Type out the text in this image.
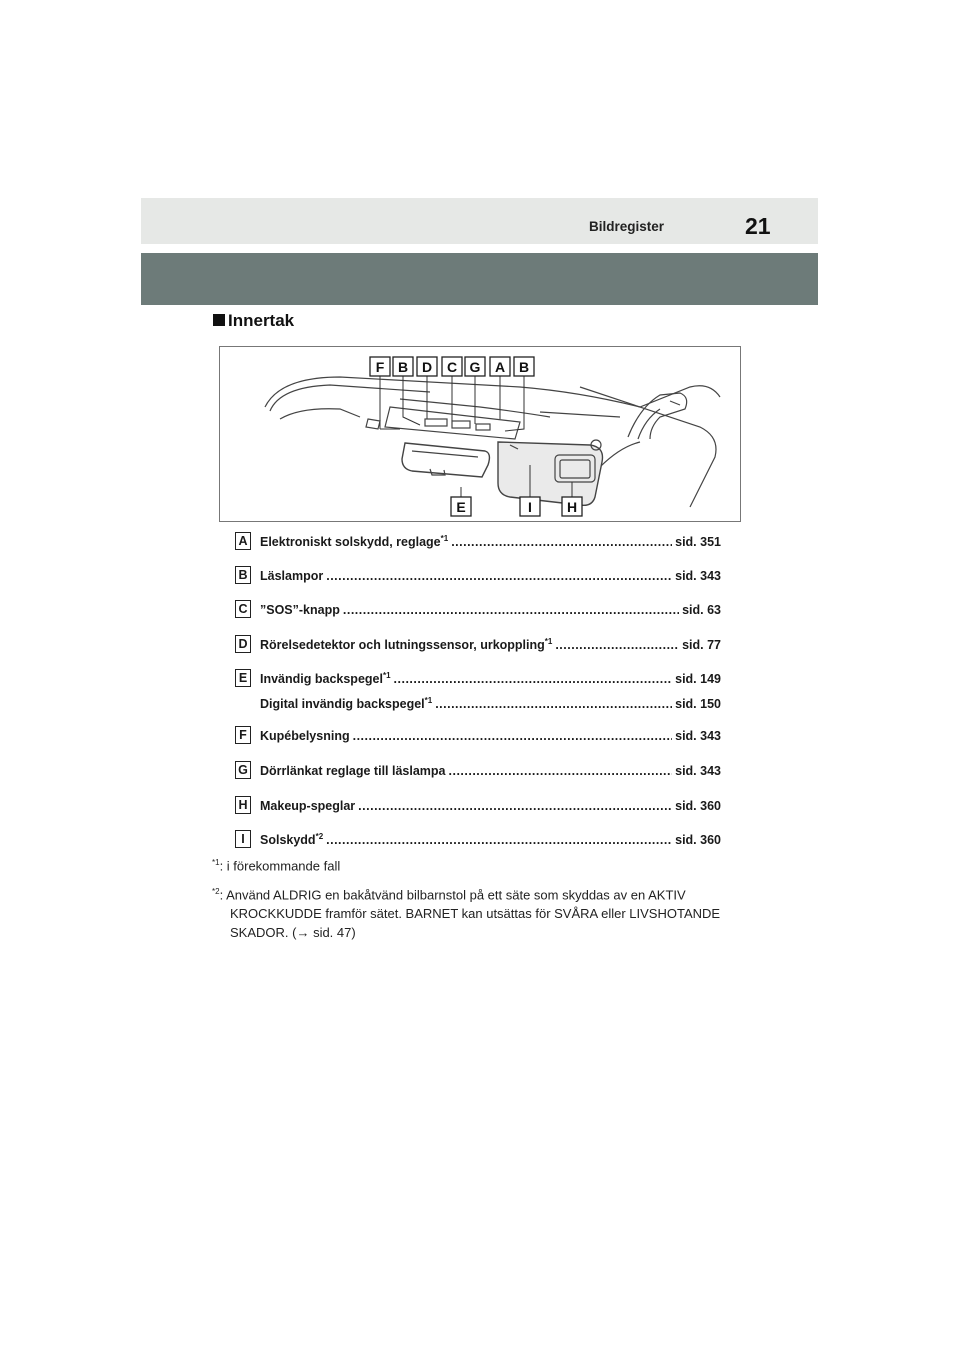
Bildregister	21
Innertak
F B D C G A B
E	I H
A Elektroniskt solskydd, reglage$^{*1}$ .....	sid. 351
B Läslampor .....	sid. 343
C ”SOS”-knapp .....	sid. 63
D Rörelsedetektor och lutningssensor, urkoppling$^{*1}$ .....	sid. 77
E	Invändig backspegel$^{*1}$ .....	sid. 149
Digital invändig backspegel$^{*1}$ .....	sid. 150
F	Kupébelysning .....	sid. 343
G Dörrlänkat reglage till läslampa .....	sid. 343
H Makeup-speglar .....	sid. 360
I	Solskydd$^{*2}$ .....	sid. 360
$^{*1}$: i förekommande fall
$^{*2}$: Använd ALDRIG en bakåtvänd bilbarnstol på ett säte som skyddas av en AKTIV KROCKKUDDE framför sätet. BARNET kan utsättas för SVÅRA eller LIVSHOTANDE SKADOR. (→ sid. 47)
